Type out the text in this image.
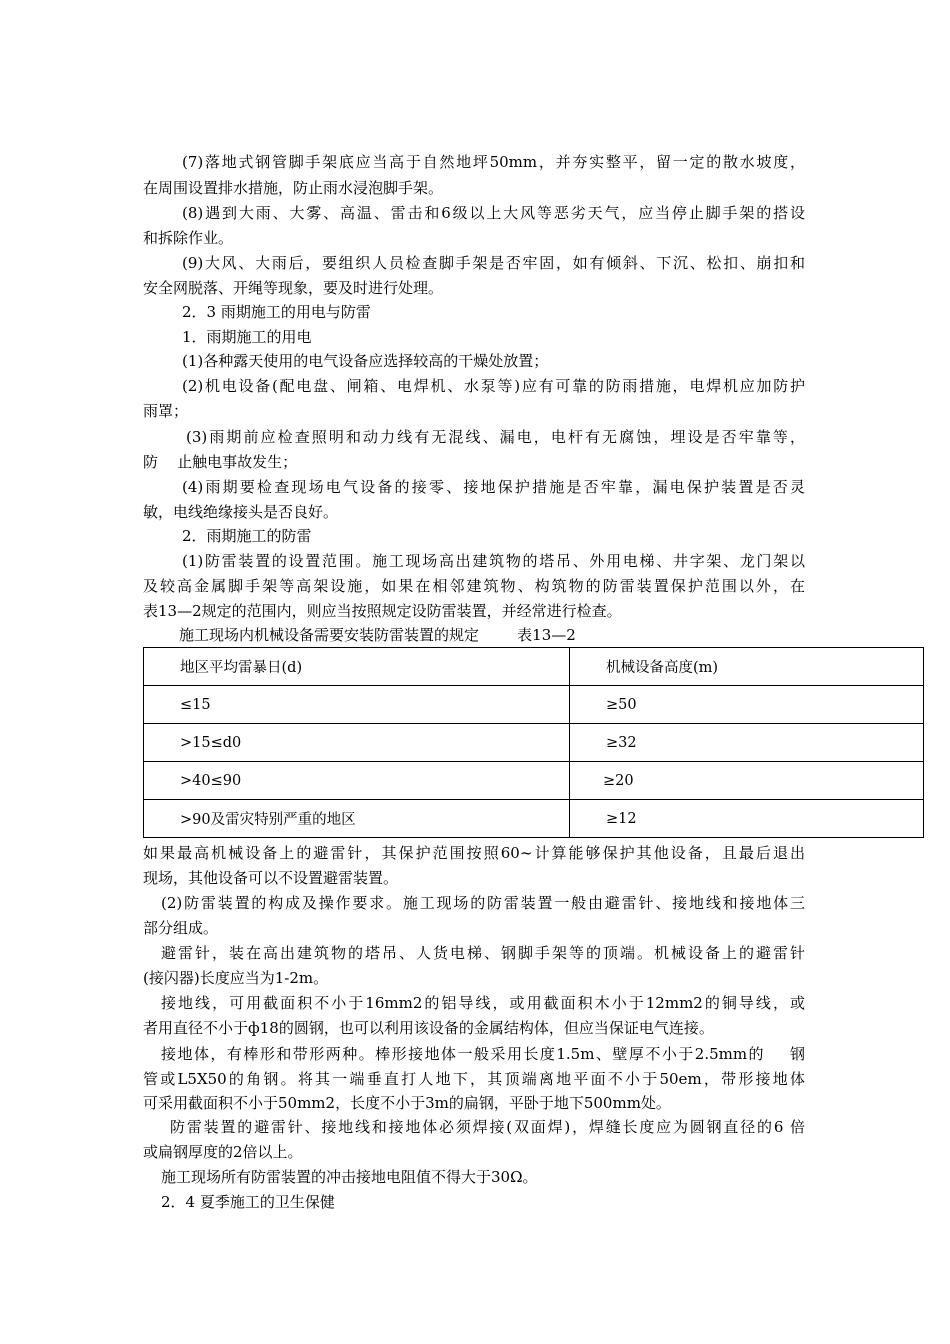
(7)落地式钢管脚手架底应当高于自然地坪50mm，并夯实整平，留一定的散水坡度，
在周围设置排水措施，防止雨水浸泡脚手架。
(8)遇到大雨、大雾、高温、雷击和6级以上大风等恶劣天气，应当停止脚手架的搭设
和拆除作业。
(9)大风、大雨后，要组织人员检查脚手架是否牢固，如有倾斜、下沉、松扣、崩扣和
安全网脱落、开绳等现象，要及时进行处理。
2．3 雨期施工的用电与防雷
1．雨期施工的用电
(1)各种露天使用的电气设备应选择较高的干燥处放置；
(2)机电设备(配电盘、闸箱、电焊机、水泵等)应有可靠的防雨措施，电焊机应加防护
雨罩；
(3)雨期前应检查照明和动力线有无混线、漏电，电杆有无腐蚀，埋设是否牢靠等，
防    止触电事故发生；
(4)雨期要检查现场电气设备的接零、接地保护措施是否牢靠，漏电保护装置是否灵
敏，电线绝缘接头是否良好。
2．雨期施工的防雷
(1)防雷装置的设置范围。施工现场高出建筑物的塔吊、外用电梯、井字架、龙门架以
及较高金属脚手架等高架设施，如果在相邻建筑物、构筑物的防雷装置保护范围以外，在
表13—2规定的范围内，则应当按照规定设防雷装置，并经常进行检查。
施工现场内机械设备需要安装防雷装置的规定        表13—2
地区平均雷暴日(d)	机械设备高度(m)
≤15	≥50
>15≤d0	≥32
>40≤90	≥20
>90及雷灾特别严重的地区	≥12
如果最高机械设备上的避雷针，其保护范围按照60~计算能够保护其他设备，且最后退出
现场，其他设备可以不设置避雷装置。
(2)防雷装置的构成及操作要求。施工现场的防雷装置一般由避雷针、接地线和接地体三
部分组成。
避雷针，装在高出建筑物的塔吊、人货电梯、钢脚手架等的顶端。机械设备上的避雷针
(接闪器)长度应当为1-2m。
接地线，可用截面积不小于16mm2的铝导线，或用截面积木小于12mm2的铜导线，或
者用直径不小于ф18的圆钢，也可以利用该设备的金属结构体，但应当保证电气连接。
接地体，有棒形和带形两种。棒形接地体一般采用长度1.5m、壁厚不小于2.5mm的    钢
管或L5X50的角钢。将其一端垂直打人地下，其顶端离地平面不小于50em，带形接地体
可采用截面积不小于50mm2，长度不小于3m的扁钢，平卧于地下500mm处。
防雷装置的避雷针、接地线和接地体必须焊接(双面焊)，焊缝长度应为圆钢直径的6 倍
或扁钢厚度的2倍以上。
施工现场所有防雷装置的冲击接地电阻值不得大于30Ω。
2．4 夏季施工的卫生保健
